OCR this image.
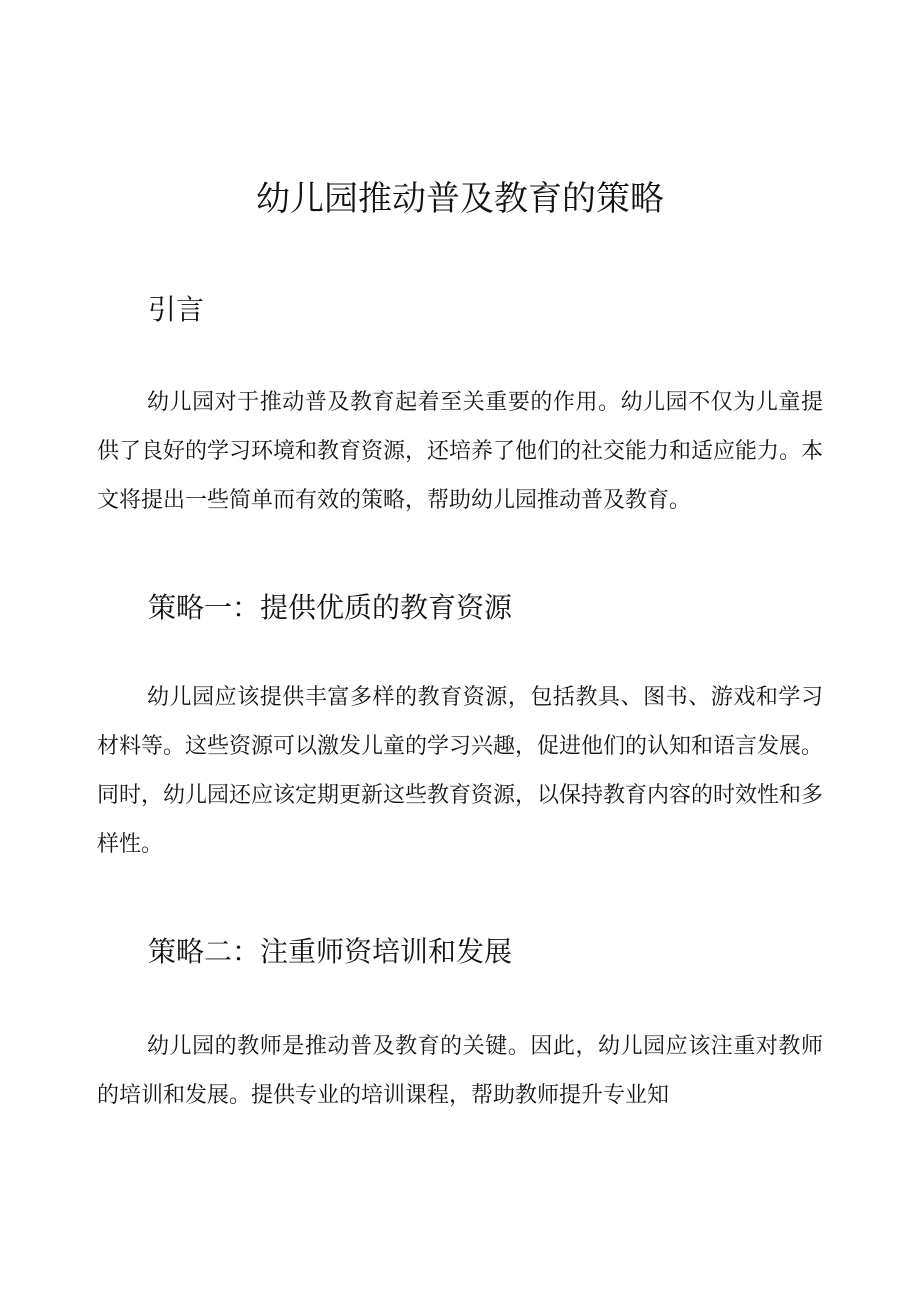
幼儿园推动普及教育的策略
引言

幼儿园对于推动普及教育起着至关重要的作用。幼儿园不仅为儿童提供了良好的学习环境和教育资源，还培养了他们的社交能力和适应能力。本文将提出一些简单而有效的策略，帮助幼儿园推动普及教育。

策略一：提供优质的教育资源

幼儿园应该提供丰富多样的教育资源，包括教具、图书、游戏和学习材料等。这些资源可以激发儿童的学习兴趣，促进他们的认知和语言发展。同时，幼儿园还应该定期更新这些教育资源，以保持教育内容的时效性和多样性。

策略二：注重师资培训和发展

幼儿园的教师是推动普及教育的关键。因此，幼儿园应该注重对教师的培训和发展。提供专业的培训课程，帮助教师提升专业知
